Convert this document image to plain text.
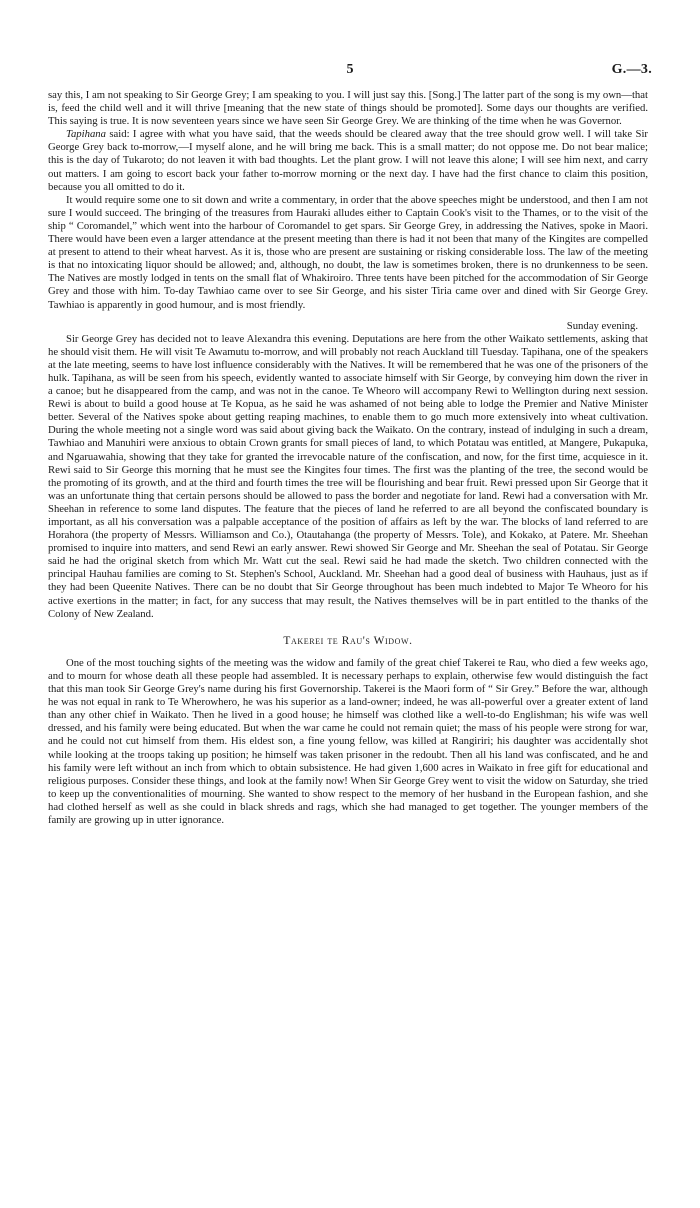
5	G.—3.

say this, I am not speaking to Sir George Grey; I am speaking to you. I will just say this. [Song.] The latter part of the song is my own—that is, feed the child well and it will thrive [meaning that the new state of things should be promoted]. Some days our thoughts are verified. This saying is true. It is now seventeen years since we have seen Sir George Grey. We are thinking of the time when he was Governor.

Tapihana said: I agree with what you have said, that the weeds should be cleared away that the tree should grow well. I will take Sir George Grey back to-morrow,—I myself alone, and he will bring me back. This is a small matter; do not oppose me. Do not bear malice; this is the day of Tukaroto; do not leaven it with bad thoughts. Let the plant grow. I will not leave this alone; I will see him next, and carry out matters. I am going to escort back your father to-morrow morning or the next day. I have had the first chance to claim this position, because you all omitted to do it.

It would require some one to sit down and write a commentary, in order that the above speeches might be understood, and then I am not sure I would succeed. The bringing of the treasures from Hauraki alludes either to Captain Cook's visit to the Thames, or to the visit of the ship “ Coromandel,” which went into the harbour of Coromandel to get spars. Sir George Grey, in addressing the Natives, spoke in Maori. There would have been even a larger attendance at the present meeting than there is had it not been that many of the Kingites are compelled at present to attend to their wheat harvest. As it is, those who are present are sustaining or risking considerable loss. The law of the meeting is that no intoxicating liquor should be allowed; and, although, no doubt, the law is sometimes broken, there is no drunkenness to be seen. The Natives are mostly lodged in tents on the small flat of Whakiroiro. Three tents have been pitched for the accommodation of Sir George Grey and those with him. To-day Tawhiao came over to see Sir George, and his sister Tiria came over and dined with Sir George Grey. Tawhiao is apparently in good humour, and is most friendly.

Sunday evening.

Sir George Grey has decided not to leave Alexandra this evening. Deputations are here from the other Waikato settlements, asking that he should visit them. He will visit Te Awamutu to-morrow, and will probably not reach Auckland till Tuesday. Tapihana, one of the speakers at the late meeting, seems to have lost influence considerably with the Natives. It will be remembered that he was one of the prisoners of the hulk. Tapihana, as will be seen from his speech, evidently wanted to associate himself with Sir George, by conveying him down the river in a canoe; but he disappeared from the camp, and was not in the canoe. Te Wheoro will accompany Rewi to Wellington during next session. Rewi is about to build a good house at Te Kopua, as he said he was ashamed of not being able to lodge the Premier and Native Minister better. Several of the Natives spoke about getting reaping machines, to enable them to go much more extensively into wheat cultivation. During the whole meeting not a single word was said about giving back the Waikato. On the contrary, instead of indulging in such a dream, Tawhiao and Manuhiri were anxious to obtain Crown grants for small pieces of land, to which Potatau was entitled, at Mangere, Pukapuka, and Ngaruawahia, showing that they take for granted the irrevocable nature of the confiscation, and now, for the first time, acquiesce in it. Rewi said to Sir George this morning that he must see the Kingites four times. The first was the planting of the tree, the second would be the promoting of its growth, and at the third and fourth times the tree will be flourishing and bear fruit. Rewi pressed upon Sir George that it was an unfortunate thing that certain persons should be allowed to pass the border and negotiate for land. Rewi had a conversation with Mr. Sheehan in reference to some land disputes. The feature that the pieces of land he referred to are all beyond the confiscated boundary is important, as all his conversation was a palpable acceptance of the position of affairs as left by the war. The blocks of land referred to are Horahora (the property of Messrs. Williamson and Co.), Otautahanga (the property of Messrs. Tole), and Kokako, at Patere. Mr. Sheehan promised to inquire into matters, and send Rewi an early answer. Rewi showed Sir George and Mr. Sheehan the seal of Potatau. Sir George said he had the original sketch from which Mr. Watt cut the seal. Rewi said he had made the sketch. Two children connected with the principal Hauhau families are coming to St. Stephen's School, Auckland. Mr. Sheehan had a good deal of business with Hauhaus, just as if they had been Queenite Natives. There can be no doubt that Sir George throughout has been much indebted to Major Te Wheoro for his active exertions in the matter; in fact, for any success that may result, the Natives themselves will be in part entitled to the thanks of the Colony of New Zealand.

Takerei te Rau's Widow.

One of the most touching sights of the meeting was the widow and family of the great chief Takerei te Rau, who died a few weeks ago, and to mourn for whose death all these people had assembled. It is necessary perhaps to explain, otherwise few would distinguish the fact that this man took Sir George Grey's name during his first Governorship. Takerei is the Maori form of “ Sir Grey.” Before the war, although he was not equal in rank to Te Wherowhero, he was his superior as a land-owner; indeed, he was all-powerful over a greater extent of land than any other chief in Waikato. Then he lived in a good house; he himself was clothed like a well-to-do Englishman; his wife was well dressed, and his family were being educated. But when the war came he could not remain quiet; the mass of his people were strong for war, and he could not cut himself from them. His eldest son, a fine young fellow, was killed at Rangiriri; his daughter was accidentally shot while looking at the troops taking up position; he himself was taken prisoner in the redoubt. Then all his land was confiscated, and he and his family were left without an inch from which to obtain subsistence. He had given 1,600 acres in Waikato in free gift for educational and religious purposes. Consider these things, and look at the family now! When Sir George Grey went to visit the widow on Saturday, she tried to keep up the conventionalities of mourning. She wanted to show respect to the memory of her husband in the European fashion, and she had clothed herself as well as she could in black shreds and rags, which she had managed to get together. The younger members of the family are growing up in utter ignorance.
